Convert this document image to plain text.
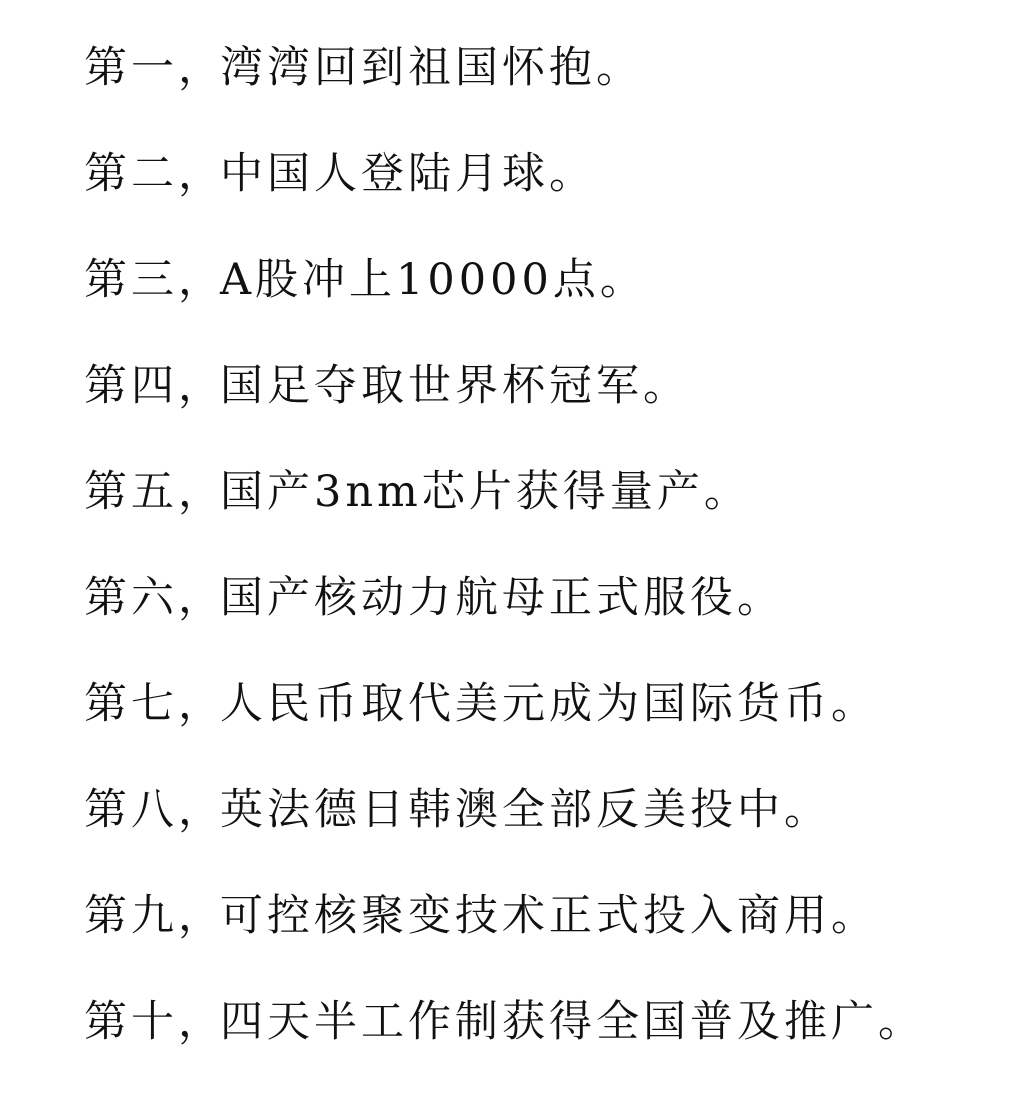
第一，
湾湾回到祖国怀抱。
第二，
中国人登陆月球。
第三，
A股冲上10000点。
第四，
国足夺取世界杯冠军。
第五，
国产3nm芯片获得量产。
第六，
国产核动力航母正式服役。
第七，
人民币取代美元成为国际货币。
第八，
英法德日韩澳全部反美投中。
第九，
可控核聚变技术正式投入商用。
第十，
四天半工作制获得全国普及推广。
